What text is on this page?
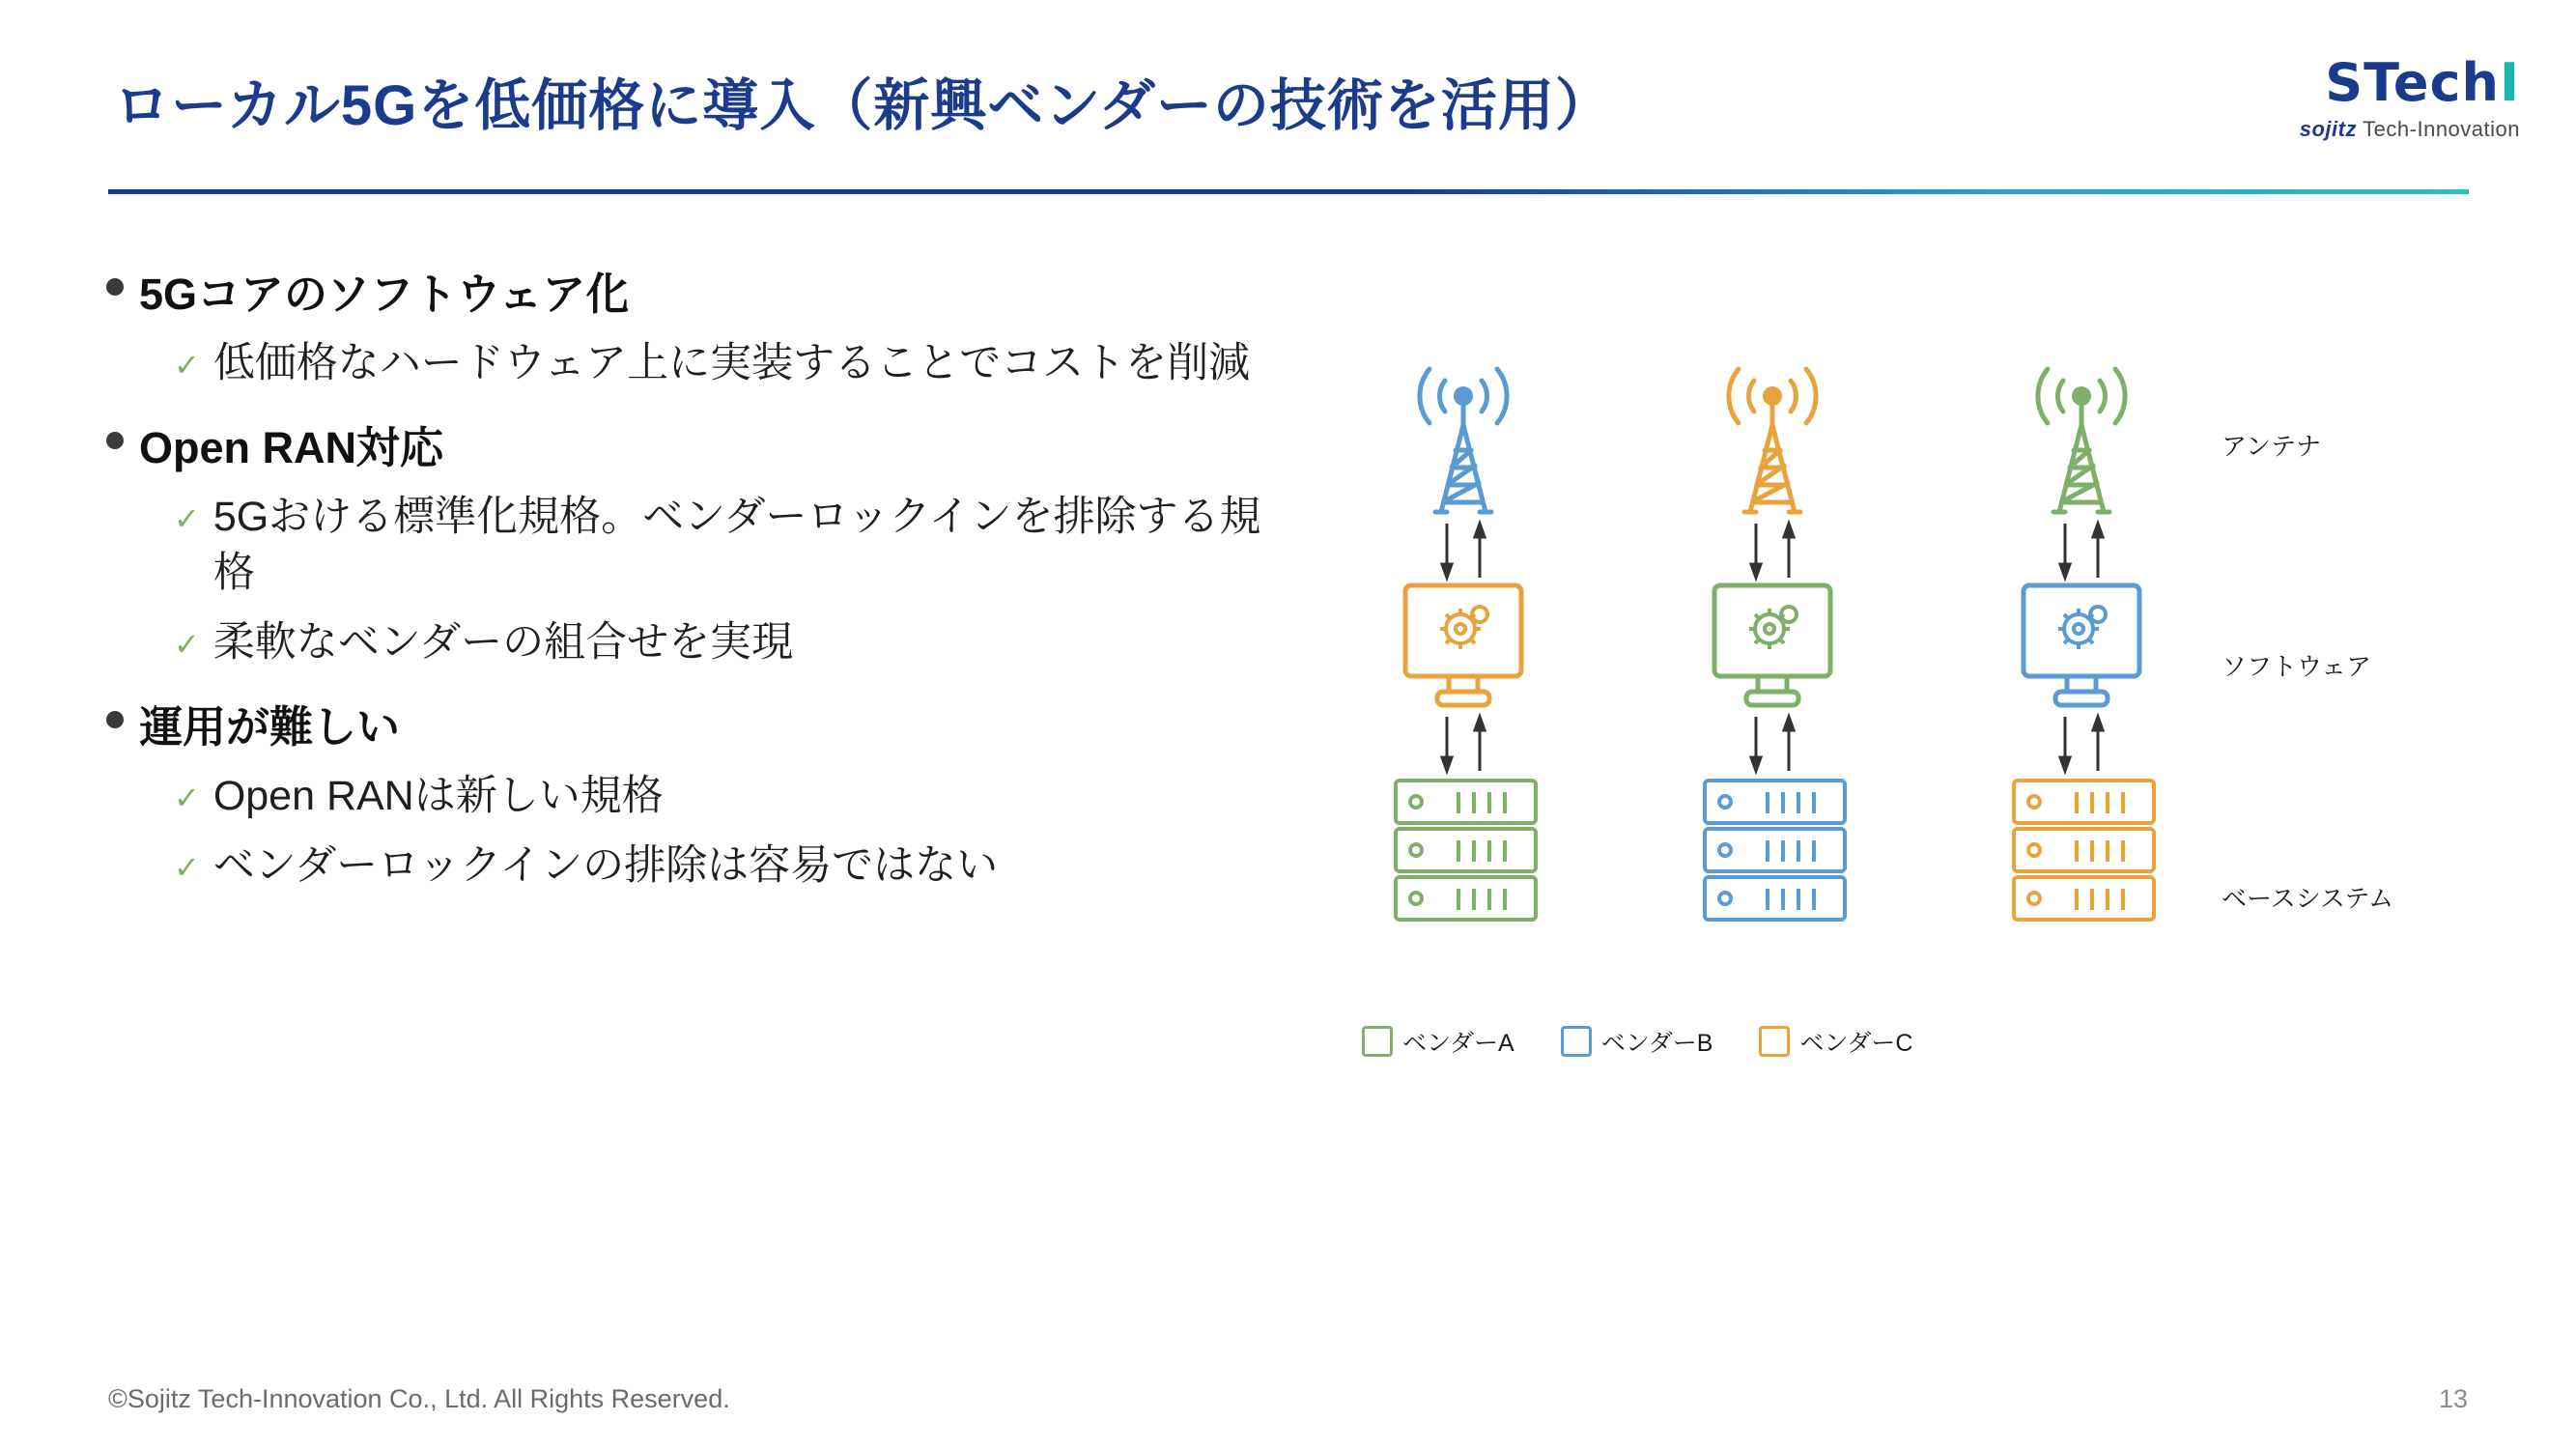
ローカル5Gを低価格に導入（新興ベンダーの技術を活用）	STechI
sojitz Tech-Innovation
5Gコアのソフトウェア化
✓ 低価格なハードウェア上に実装することでコストを削減
Open RAN対応
✓ 5Gおける標準化規格。ベンダーロックインを排除する規格
✓ 柔軟なベンダーの組合せを実現
運用が難しい
✓ Open RANは新しい規格
✓ ベンダーロックインの排除は容易ではない
アンテナ
ソフトウェア
ベースシステム
ベンダーA	ベンダーB	ベンダーC
©Sojitz Tech-Innovation Co., Ltd. All Rights Reserved.	13
